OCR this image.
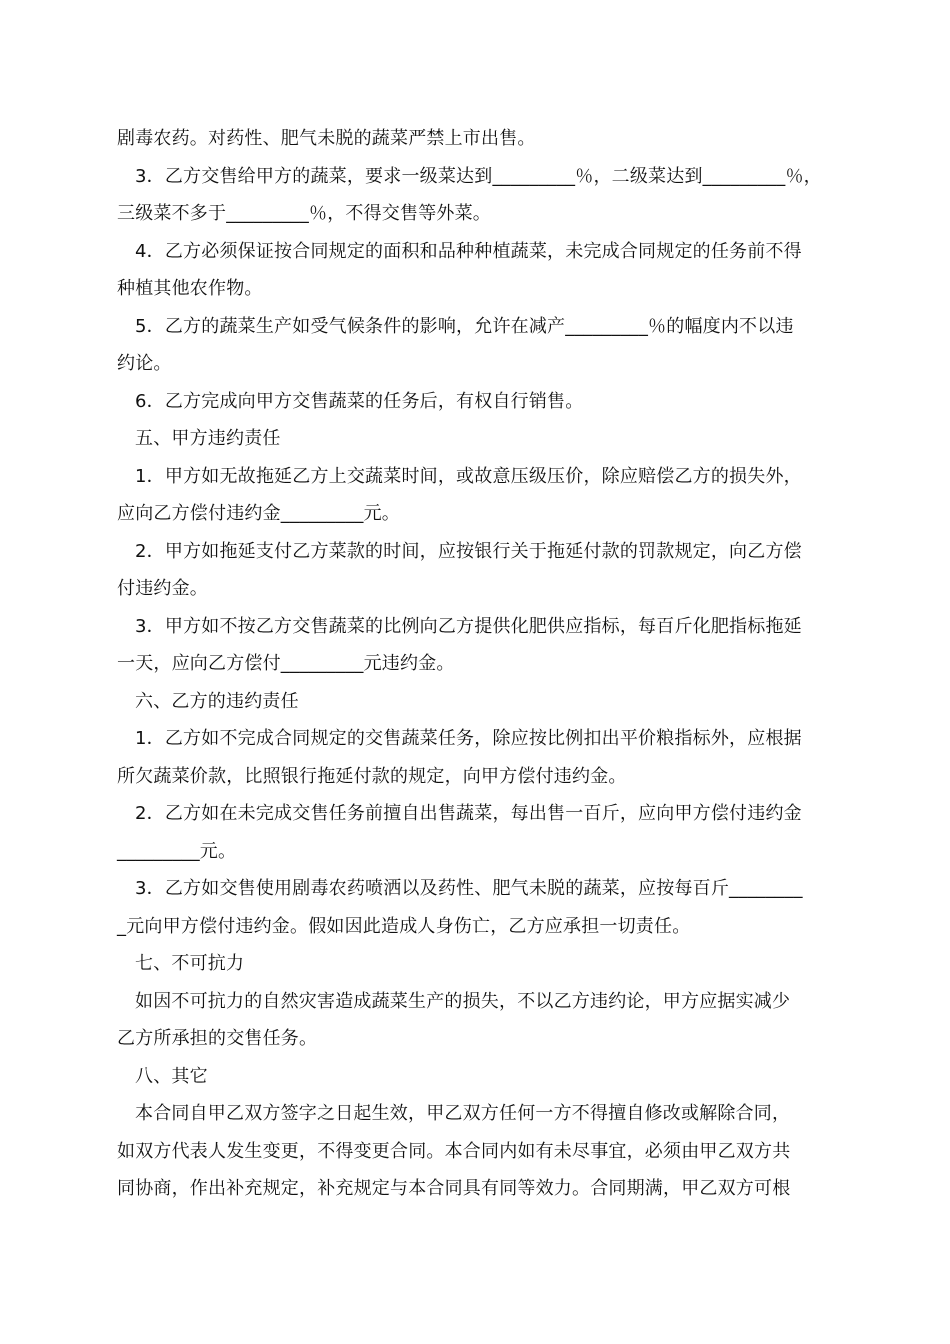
剧毒农药。对药性、肥气未脱的蔬菜严禁上市出售。
3．乙方交售给甲方的蔬菜，要求一级菜达到_________％，二级菜达到_________％，
三级菜不多于_________％，不得交售等外菜。
4．乙方必须保证按合同规定的面积和品种种植蔬菜，未完成合同规定的任务前不得
种植其他农作物。
5．乙方的蔬菜生产如受气候条件的影响，允许在减产_________％的幅度内不以违
约论。
6．乙方完成向甲方交售蔬菜的任务后，有权自行销售。
五、甲方违约责任
1．甲方如无故拖延乙方上交蔬菜时间，或故意压级压价，除应赔偿乙方的损失外，
应向乙方偿付违约金_________元。
2．甲方如拖延支付乙方菜款的时间，应按银行关于拖延付款的罚款规定，向乙方偿
付违约金。
3．甲方如不按乙方交售蔬菜的比例向乙方提供化肥供应指标，每百斤化肥指标拖延
一天，应向乙方偿付_________元违约金。
六、乙方的违约责任
1．乙方如不完成合同规定的交售蔬菜任务，除应按比例扣出平价粮指标外，应根据
所欠蔬菜价款，比照银行拖延付款的规定，向甲方偿付违约金。
2．乙方如在未完成交售任务前擅自出售蔬菜，每出售一百斤，应向甲方偿付违约金
_________元。
3．乙方如交售使用剧毒农药喷洒以及药性、肥气未脱的蔬菜，应按每百斤________
_元向甲方偿付违约金。假如因此造成人身伤亡，乙方应承担一切责任。
七、不可抗力
如因不可抗力的自然灾害造成蔬菜生产的损失，不以乙方违约论，甲方应据实减少
乙方所承担的交售任务。
八、其它
本合同自甲乙双方签字之日起生效，甲乙双方任何一方不得擅自修改或解除合同，
如双方代表人发生变更，不得变更合同。本合同内如有未尽事宜，必须由甲乙双方共
同协商，作出补充规定，补充规定与本合同具有同等效力。合同期满，甲乙双方可根
